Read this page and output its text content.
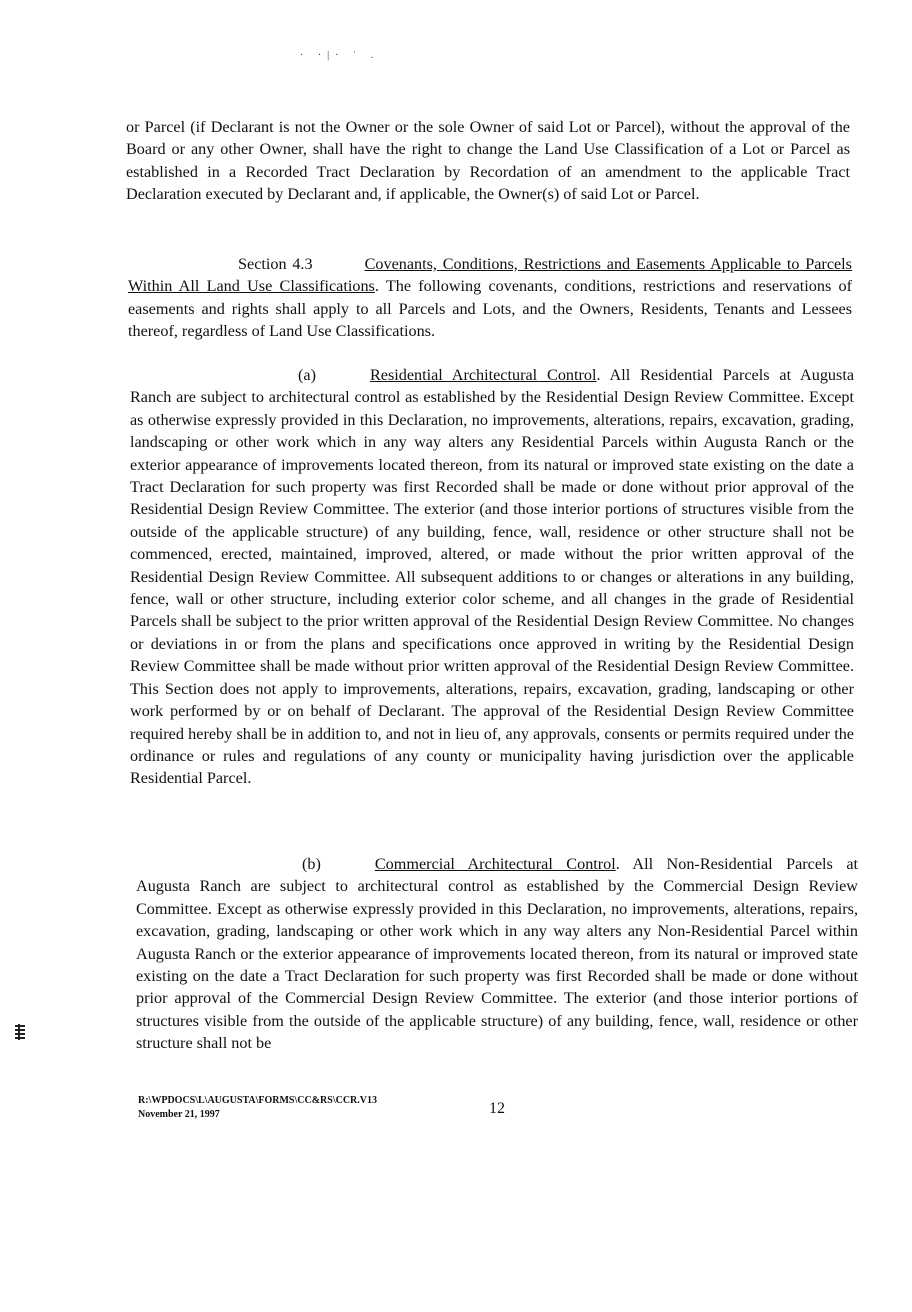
· ·|· ˈ .

or Parcel (if Declarant is not the Owner or the sole Owner of said Lot or Parcel), without the approval of the Board or any other Owner, shall have the right to change the Land Use Classification of a Lot or Parcel as established in a Recorded Tract Declaration by Recordation of an amendment to the applicable Tract Declaration executed by Declarant and, if applicable, the Owner(s) of said Lot or Parcel.

Section 4.3	Covenants, Conditions, Restrictions and Easements Applicable to Parcels Within All Land Use Classifications. The following covenants, conditions, restrictions and reservations of easements and rights shall apply to all Parcels and Lots, and the Owners, Residents, Tenants and Lessees thereof, regardless of Land Use Classifications.

(a)	Residential Architectural Control. All Residential Parcels at Augusta Ranch are subject to architectural control as established by the Residential Design Review Committee. Except as otherwise expressly provided in this Declaration, no improvements, alterations, repairs, excavation, grading, landscaping or other work which in any way alters any Residential Parcels within Augusta Ranch or the exterior appearance of improvements located thereon, from its natural or improved state existing on the date a Tract Declaration for such property was first Recorded shall be made or done without prior approval of the Residential Design Review Committee. The exterior (and those interior portions of structures visible from the outside of the applicable structure) of any building, fence, wall, residence or other structure shall not be commenced, erected, maintained, improved, altered, or made without the prior written approval of the Residential Design Review Committee. All subsequent additions to or changes or alterations in any building, fence, wall or other structure, including exterior color scheme, and all changes in the grade of Residential Parcels shall be subject to the prior written approval of the Residential Design Review Committee. No changes or deviations in or from the plans and specifications once approved in writing by the Residential Design Review Committee shall be made without prior written approval of the Residential Design Review Committee. This Section does not apply to improvements, alterations, repairs, excavation, grading, landscaping or other work performed by or on behalf of Declarant. The approval of the Residential Design Review Committee required hereby shall be in addition to, and not in lieu of, any approvals, consents or permits required under the ordinance or rules and regulations of any county or municipality having jurisdiction over the applicable Residential Parcel.

(b)	Commercial Architectural Control. All Non-Residential Parcels at Augusta Ranch are subject to architectural control as established by the Commercial Design Review Committee. Except as otherwise expressly provided in this Declaration, no improvements, alterations, repairs, excavation, grading, landscaping or other work which in any way alters any Non-Residential Parcel within Augusta Ranch or the exterior appearance of improvements located thereon, from its natural or improved state existing on the date a Tract Declaration for such property was first Recorded shall be made or done without prior approval of the Commercial Design Review Committee. The exterior (and those interior portions of structures visible from the outside of the applicable structure) of any building, fence, wall, residence or other structure shall not be

R:\WPDOCS\L\AUGUSTA\FORMS\CC&RS\CCR.V13
November 21, 1997	12
